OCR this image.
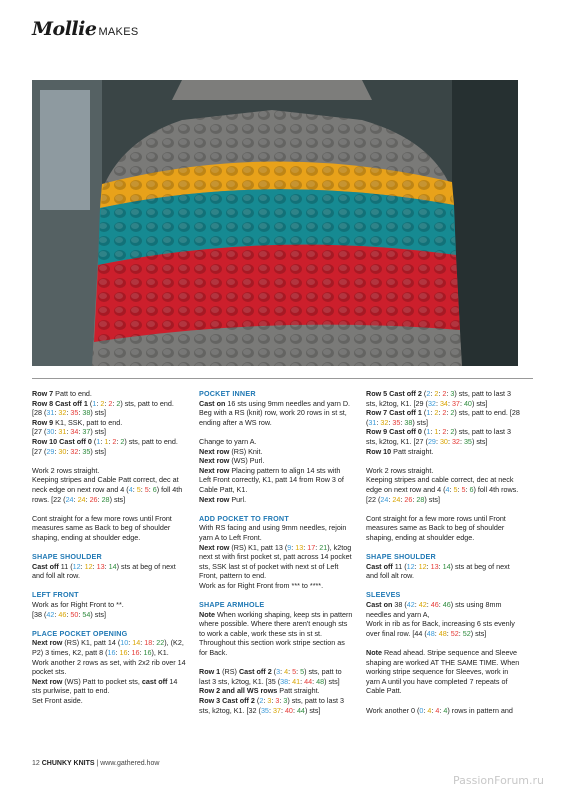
Mollie MAKES

Row 7 Patt to end.
Row 8 Cast off 1 (1: 2: 2: 2) sts, patt to end.
[28 (31: 32: 35: 38) sts]
Row 9 K1, SSK, patt to end.
[27 (30: 31: 34: 37) sts]
Row 10 Cast off 0 (1: 1: 2: 2) sts, patt to end.
[27 (29: 30: 32: 35) sts]

Work 2 rows straight.
Keeping stripes and Cable Patt correct, dec at neck edge on next row and 4 (4: 5: 5: 6) foll 4th rows. [22 (24: 24: 26: 28) sts]

Cont straight for a few more rows until Front measures same as Back to beg of shoulder shaping, ending at shoulder edge.

SHAPE SHOULDER

Cast off 11 (12: 12: 13: 14) sts at beg of next and foll alt row.

LEFT FRONT

Work as for Right Front to **.
[38 (42: 46: 50: 54) sts]

PLACE POCKET OPENING

Next row (RS) K1, patt 14 (10: 14: 18: 22), (K2, P2) 3 times, K2, patt 8 (16: 16: 16: 16), K1. Work another 2 rows as set, with 2x2 rib over 14 pocket sts.
Next row (WS) Patt to pocket sts, cast off 14 sts purlwise, patt to end.
Set Front aside.

POCKET INNER

Cast on 16 sts using 9mm needles and yarn D. Beg with a RS (knit) row, work 20 rows in st st, ending after a WS row.

Change to yarn A.
Next row (RS) Knit.
Next row (WS) Purl.
Next row Placing pattern to align 14 sts with Left Front correctly, K1, patt 14 from Row 3 of Cable Patt, K1.
Next row Purl.

ADD POCKET TO FRONT

With RS facing and using 9mm needles, rejoin yarn A to Left Front.
Next row (RS) K1, patt 13 (9: 13: 17: 21), k2tog next st with first pocket st, patt across 14 pocket sts, SSK last st of pocket with next st of Left Front, pattern to end.
Work as for Right Front from *** to ****.

SHAPE ARMHOLE

Note When working shaping, keep sts in pattern where possible. Where there aren't enough sts to work a cable, work these sts in st st. Throughout this section work stripe section as for Back.

Row 1 (RS) Cast off 2 (3: 4: 5: 5) sts, patt to last 3 sts, k2tog, K1. [35 (38: 41: 44: 48) sts]
Row 2 and all WS rows Patt straight.
Row 3 Cast off 2 (2: 3: 3: 3) sts, patt to last 3 sts, k2tog, K1. [32 (35: 37: 40: 44) sts]

Row 5 Cast off 2 (2: 2: 2: 3) sts, patt to last 3 sts, k2tog, K1. [29 (32: 34: 37: 40) sts]
Row 7 Cast off 1 (1: 2: 2: 2) sts, patt to end. [28 (31: 32: 35: 38) sts]
Row 9 Cast off 0 (1: 1: 2: 2) sts, patt to last 3 sts, k2tog, K1. [27 (29: 30: 32: 35) sts]
Row 10 Patt straight.

Work 2 rows straight.
Keeping stripes and cable correct, dec at neck edge on next row and 4 (4: 5: 5: 6) foll 4th rows. [22 (24: 24: 26: 28) sts]

Cont straight for a few more rows until Front measures same as Back to beg of shoulder shaping, ending at shoulder edge.

SHAPE SHOULDER

Cast off 11 (12: 12: 13: 14) sts at beg of next and foll alt row.

SLEEVES

Cast on 38 (42: 42: 46: 46) sts using 8mm needles and yarn A,
Work in rib as for Back, increasing 6 sts evenly over final row. [44 (48: 48: 52: 52) sts]

Note Read ahead. Stripe sequence and Sleeve shaping are worked AT THE SAME TIME. When working stripe sequence for Sleeves, work in yarn A until you have completed 7 repeats of Cable Patt.

Work another 0 (0: 4: 4: 4) rows in pattern and

12 CHUNKY KNITS | www.gathered.how
PassionForum.ru
